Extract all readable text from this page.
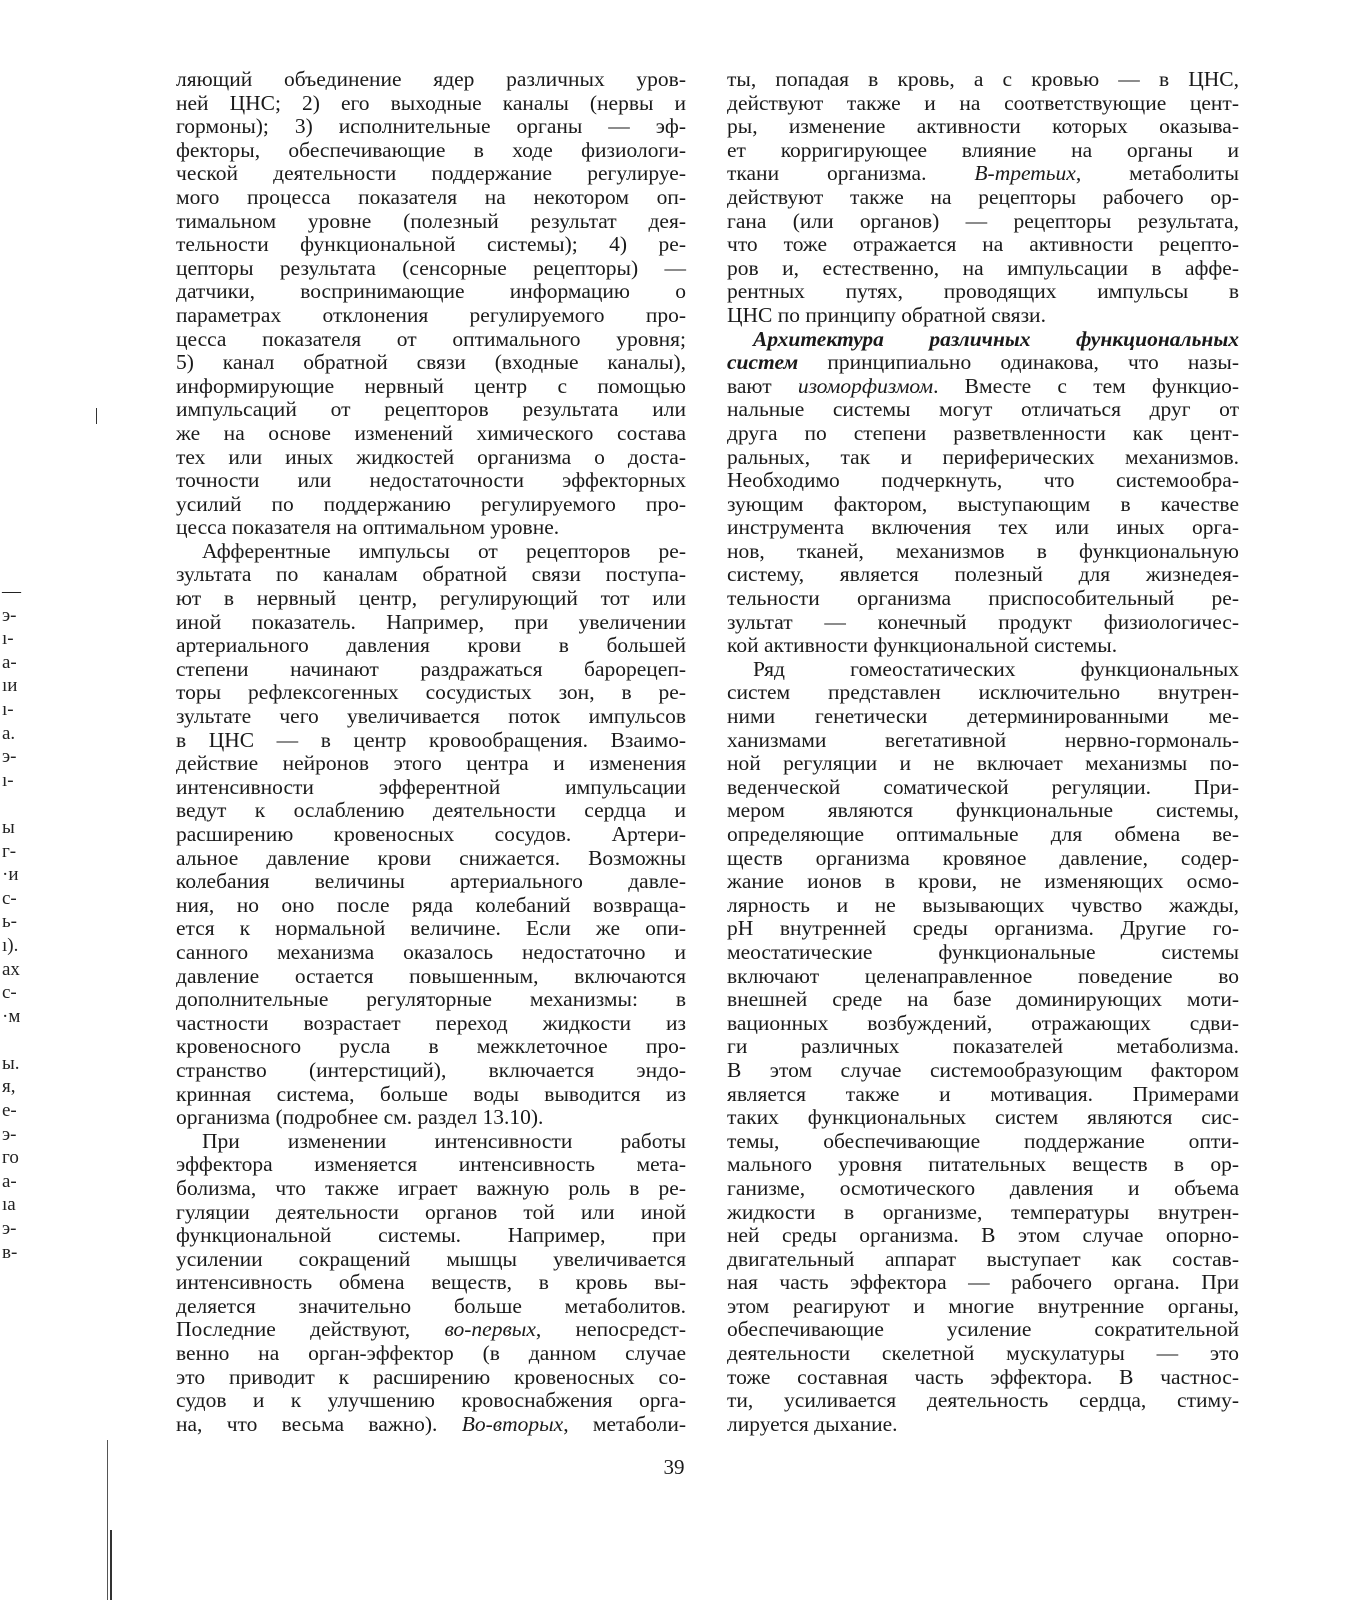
ляющий объединение ядер различных уров-
ней ЦНС; 2) его выходные каналы (нервы и
гормоны); 3) исполнительные органы — эф-
фекторы, обеспечивающие в ходе физиологи-
ческой деятельности поддержание регулируе-
мого процесса показателя на некотором оп-
тимальном уровне (полезный результат дея-
тельности функциональной системы); 4) ре-
цепторы результата (сенсорные рецепторы) —
датчики, воспринимающие информацию о
параметрах отклонения регулируемого про-
цесса показателя от оптимального уровня;
5) канал обратной связи (входные каналы),
информирующие нервный центр с помощью
импульсаций от рецепторов результата или
же на основе изменений химического состава
тех или иных жидкостей организма о доста-
точности или недостаточности эффекторных
усилий по поддержанию регулируемого про-
цесса показателя на оптимальном уровне.
Афферентные импульсы от рецепторов ре-
зультата по каналам обратной связи поступа-
ют в нервный центр, регулирующий тот или
иной показатель. Например, при увеличении
артериального давления крови в большей
степени начинают раздражаться барорецеп-
торы рефлексогенных сосудистых зон, в ре-
зультате чего увеличивается поток импульсов
в ЦНС — в центр кровообращения. Взаимо-
действие нейронов этого центра и изменения
интенсивности эфферентной импульсации
ведут к ослаблению деятельности сердца и
расширению кровеносных сосудов. Артери-
альное давление крови снижается. Возможны
колебания величины артериального давле-
ния, но оно после ряда колебаний возвраща-
ется к нормальной величине. Если же опи-
санного механизма оказалось недостаточно и
давление остается повышенным, включаются
дополнительные регуляторные механизмы: в
частности возрастает переход жидкости из
кровеносного русла в межклеточное про-
странство (интерстиций), включается эндо-
кринная система, больше воды выводится из
организма (подробнее см. раздел 13.10).
При изменении интенсивности работы
эффектора изменяется интенсивность мета-
болизма, что также играет важную роль в ре-
гуляции деятельности органов той или иной
функциональной системы. Например, при
усилении сокращений мышцы увеличивается
интенсивность обмена веществ, в кровь вы-
деляется значительно больше метаболитов.
Последние действуют, во-первых, непосредст-
венно на орган-эффектор (в данном случае
это приводит к расширению кровеносных со-
судов и к улучшению кровоснабжения орга-
на, что весьма важно). Во-вторых, метаболи-
ты, попадая в кровь, а с кровью — в ЦНС,
действуют также и на соответствующие цент-
ры, изменение активности которых оказыва-
ет корригирующее влияние на органы и
ткани организма. В-третьих, метаболиты
действуют также на рецепторы рабочего ор-
гана (или органов) — рецепторы результата,
что тоже отражается на активности рецепто-
ров и, естественно, на импульсации в аффе-
рентных путях, проводящих импульсы в
ЦНС по принципу обратной связи.
Архитектура различных функциональных
систем принципиально одинакова, что назы-
вают изоморфизмом. Вместе с тем функцио-
нальные системы могут отличаться друг от
друга по степени разветвленности как цент-
ральных, так и периферических механизмов.
Необходимо подчеркнуть, что системообра-
зующим фактором, выступающим в качестве
инструмента включения тех или иных орга-
нов, тканей, механизмов в функциональную
систему, является полезный для жизнедея-
тельности организма приспособительный ре-
зультат — конечный продукт физиологичес-
кой активности функциональной системы.
Ряд гомеостатических функциональных
систем представлен исключительно внутрен-
ними генетически детерминированными ме-
ханизмами вегетативной нервно-гормональ-
ной регуляции и не включает механизмы по-
веденческой соматической регуляции. При-
мером являются функциональные системы,
определяющие оптимальные для обмена ве-
ществ организма кровяное давление, содер-
жание ионов в крови, не изменяющих осмо-
лярность и не вызывающих чувство жажды,
pH внутренней среды организма. Другие го-
меостатические функциональные системы
включают целенаправленное поведение во
внешней среде на базе доминирующих моти-
вационных возбуждений, отражающих сдви-
ги различных показателей метаболизма.
В этом случае системообразующим фактором
является также и мотивация. Примерами
таких функциональных систем являются сис-
темы, обеспечивающие поддержание опти-
мального уровня питательных веществ в ор-
ганизме, осмотического давления и объема
жидкости в организме, температуры внутрен-
ней среды организма. В этом случае опорно-
двигательный аппарат выступает как состав-
ная часть эффектора — рабочего органа. При
этом реагируют и многие внутренние органы,
обеспечивающие усиление сократительной
деятельности скелетной мускулатуры — это
тоже составная часть эффектора. В частнос-
ти, усиливается деятельность сердца, стиму-
лируется дыхание.
—
э-
ı-
а-
ıи
ı-
а.
э-
ı-
ы
г-
·и
с-
ь-
ı).
ах
с-
·м
ы.
я,
е-
э-
го
а-
ıа
э-
в-
39
